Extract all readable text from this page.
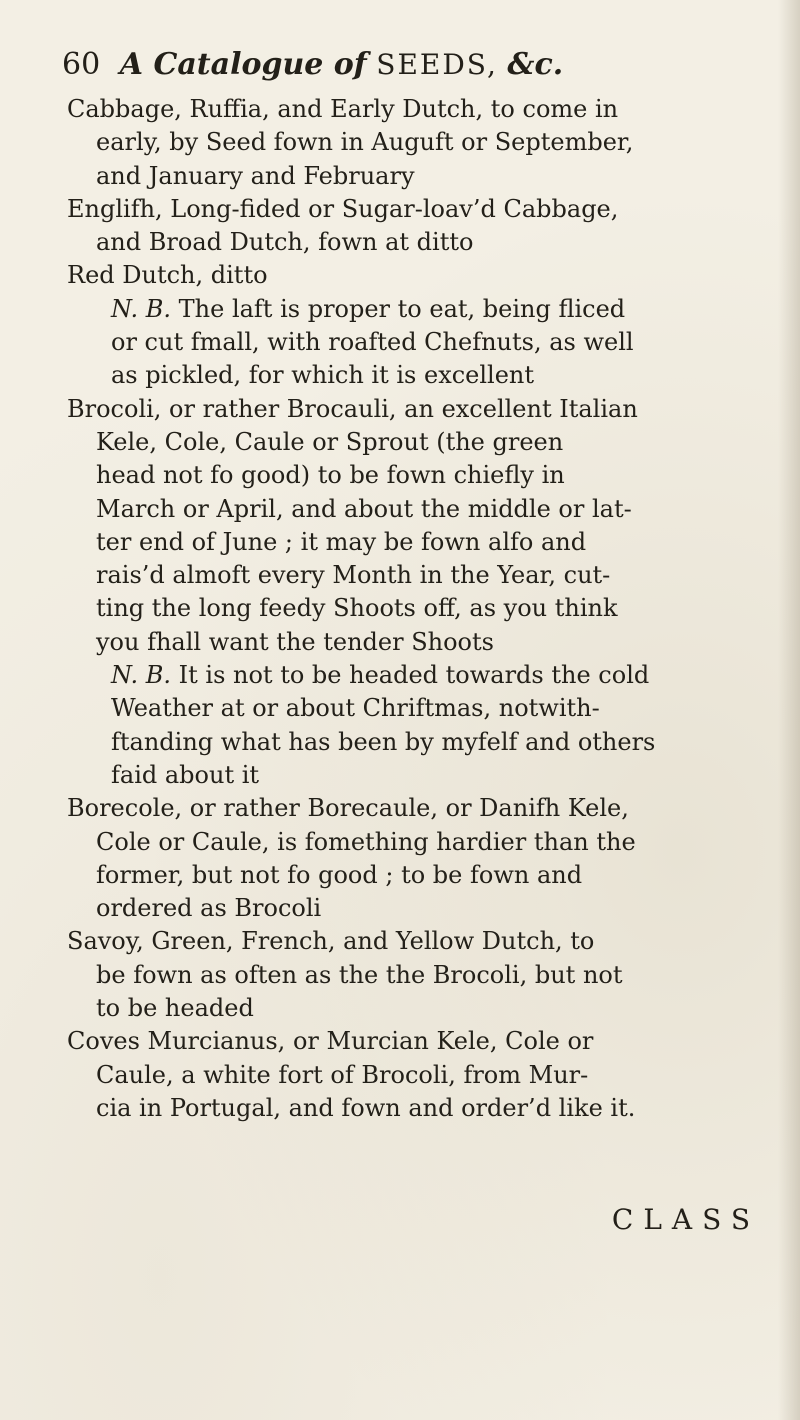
60 A Catalogue of SEEDS, &c.
Cabbage, Ruffia, and Early Dutch, to come in
early, by Seed fown in Auguft or September,
and January and February
Englifh, Long-fided or Sugar-loav’d Cabbage,
and Broad Dutch, fown at ditto
Red Dutch, ditto
N. B. The laft is proper to eat, being fliced
or cut fmall, with roafted Chefnuts, as well
as pickled, for which it is excellent
Brocoli, or rather Brocauli, an excellent Italian
Kele, Cole, Caule or Sprout (the green
head not fo good) to be fown chiefly in
March or April, and about the middle or lat-
ter end of June ; it may be fown alfo and
rais’d almoft every Month in the Year, cut-
ting the long feedy Shoots off, as you think
you fhall want the tender Shoots
N. B. It is not to be headed towards the cold
Weather at or about Chriftmas, notwith-
ftanding what has been by myfelf and others
faid about it
Borecole, or rather Borecaule, or Danifh Kele,
Cole or Caule, is fomething hardier than the
former, but not fo good ; to be fown and
ordered as Brocoli
Savoy, Green, French, and Yellow Dutch, to
be fown as often as the the Brocoli, but not
to be headed
Coves Murcianus, or Murcian Kele, Cole or
Caule, a white fort of Brocoli, from Mur-
cia in Portugal, and fown and order’d like it.
CLASS
